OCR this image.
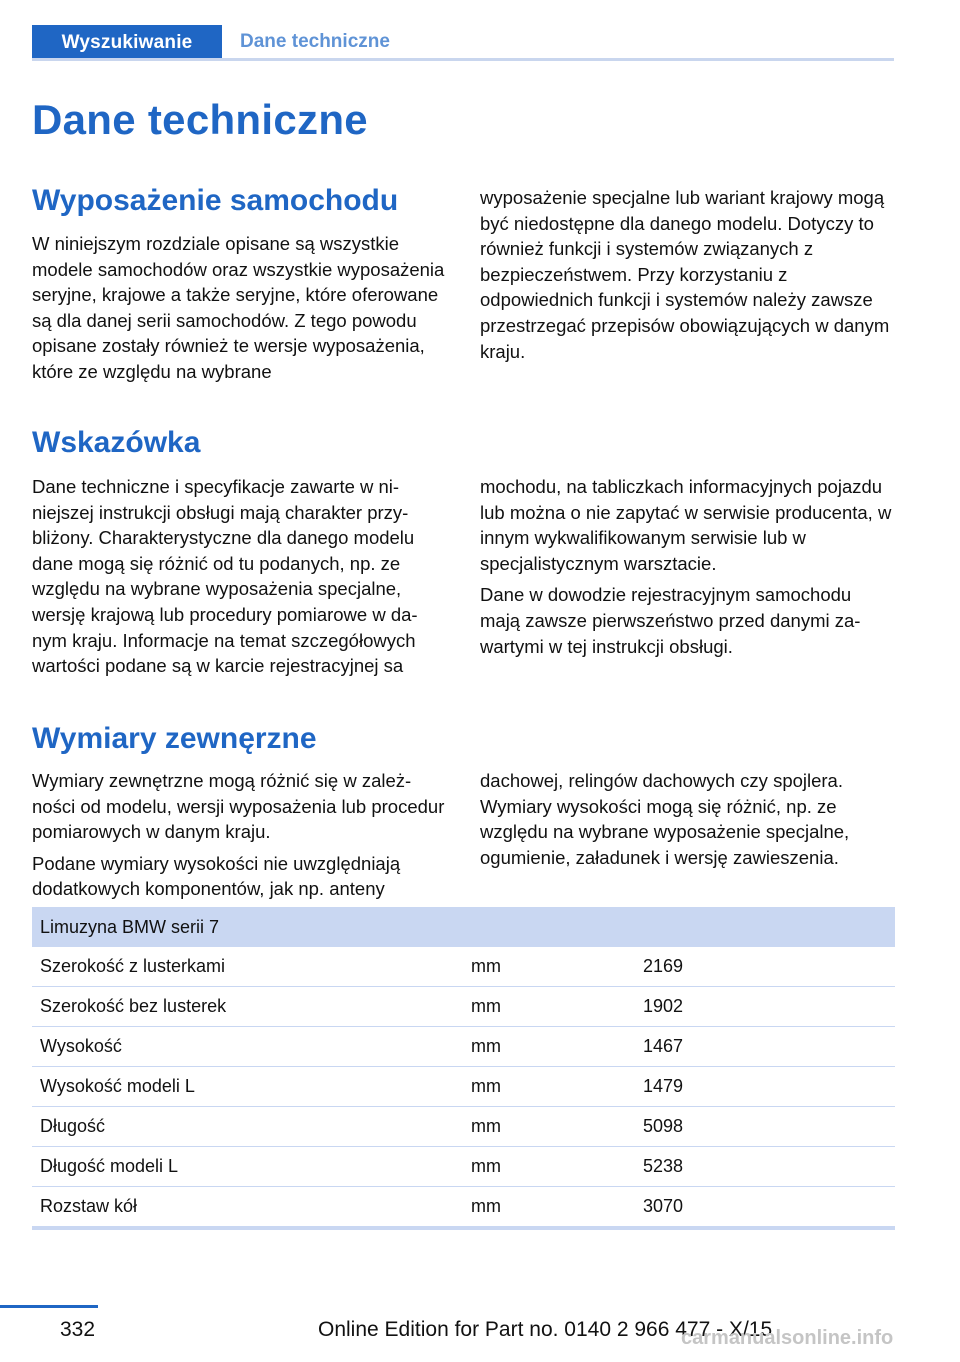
Wyszukiwanie	Dane techniczne
Dane techniczne
Wyposażenie samochodu

W niniejszym rozdziale opisane są wszystkie modele samochodów oraz wszystkie wyposażenia seryjne, krajowe a także seryjne, które oferowane są dla danej serii samochodów. Z tego powodu opisane zostały również te wersje wyposażenia, które ze względu na wybrane

wyposażenie specjalne lub wariant krajowy mogą być niedostępne dla danego modelu. Dotyczy to również funkcji i systemów związanych z bezpieczeństwem. Przy korzystaniu z odpowiednich funkcji i systemów należy zawsze przestrzegać przepisów obowiązujących w danym kraju.

Wskazówka

Dane techniczne i specyfikacje zawarte w niniejszej instrukcji obsługi mają charakter przybliżony. Charakterystyczne dla danego modelu dane mogą się różnić od tu podanych, np. ze względu na wybrane wyposażenia specjalne, wersję krajową lub procedury pomiarowe w danym kraju. Informacje na temat szczegółowych wartości podane są w karcie rejestracyjnej sa

mochodu, na tabliczkach informacyjnych pojazdu lub można o nie zapytać w serwisie producenta, w innym wykwalifikowanym serwisie lub w specjalistycznym warsztacie.

Dane w dowodzie rejestracyjnym samochodu mają zawsze pierwszeństwo przed danymi zawartymi w tej instrukcji obsługi.

Wymiary zewnęrzne

Wymiary zewnętrzne mogą różnić się w zależności od modelu, wersji wyposażenia lub procedur pomiarowych w danym kraju.

Podane wymiary wysokości nie uwzględniają dodatkowych komponentów, jak np. anteny

dachowej, relingów dachowych czy spojlera. Wymiary wysokości mogą się różnić, np. ze względu na wybrane wyposażenie specjalne, ogumienie, załadunek i wersję zawieszenia.

Limuzyna BMW serii 7		
Szerokość z lusterkami	mm	2169
Szerokość bez lusterek	mm	1902
Wysokość	mm	1467
Wysokość modeli L	mm	1479
Długość	mm	5098
Długość modeli L	mm	5238
Rozstaw kół	mm	3070
332	Online Edition for Part no. 0140 2 966 477 - X/15
carmanualsonline.info
